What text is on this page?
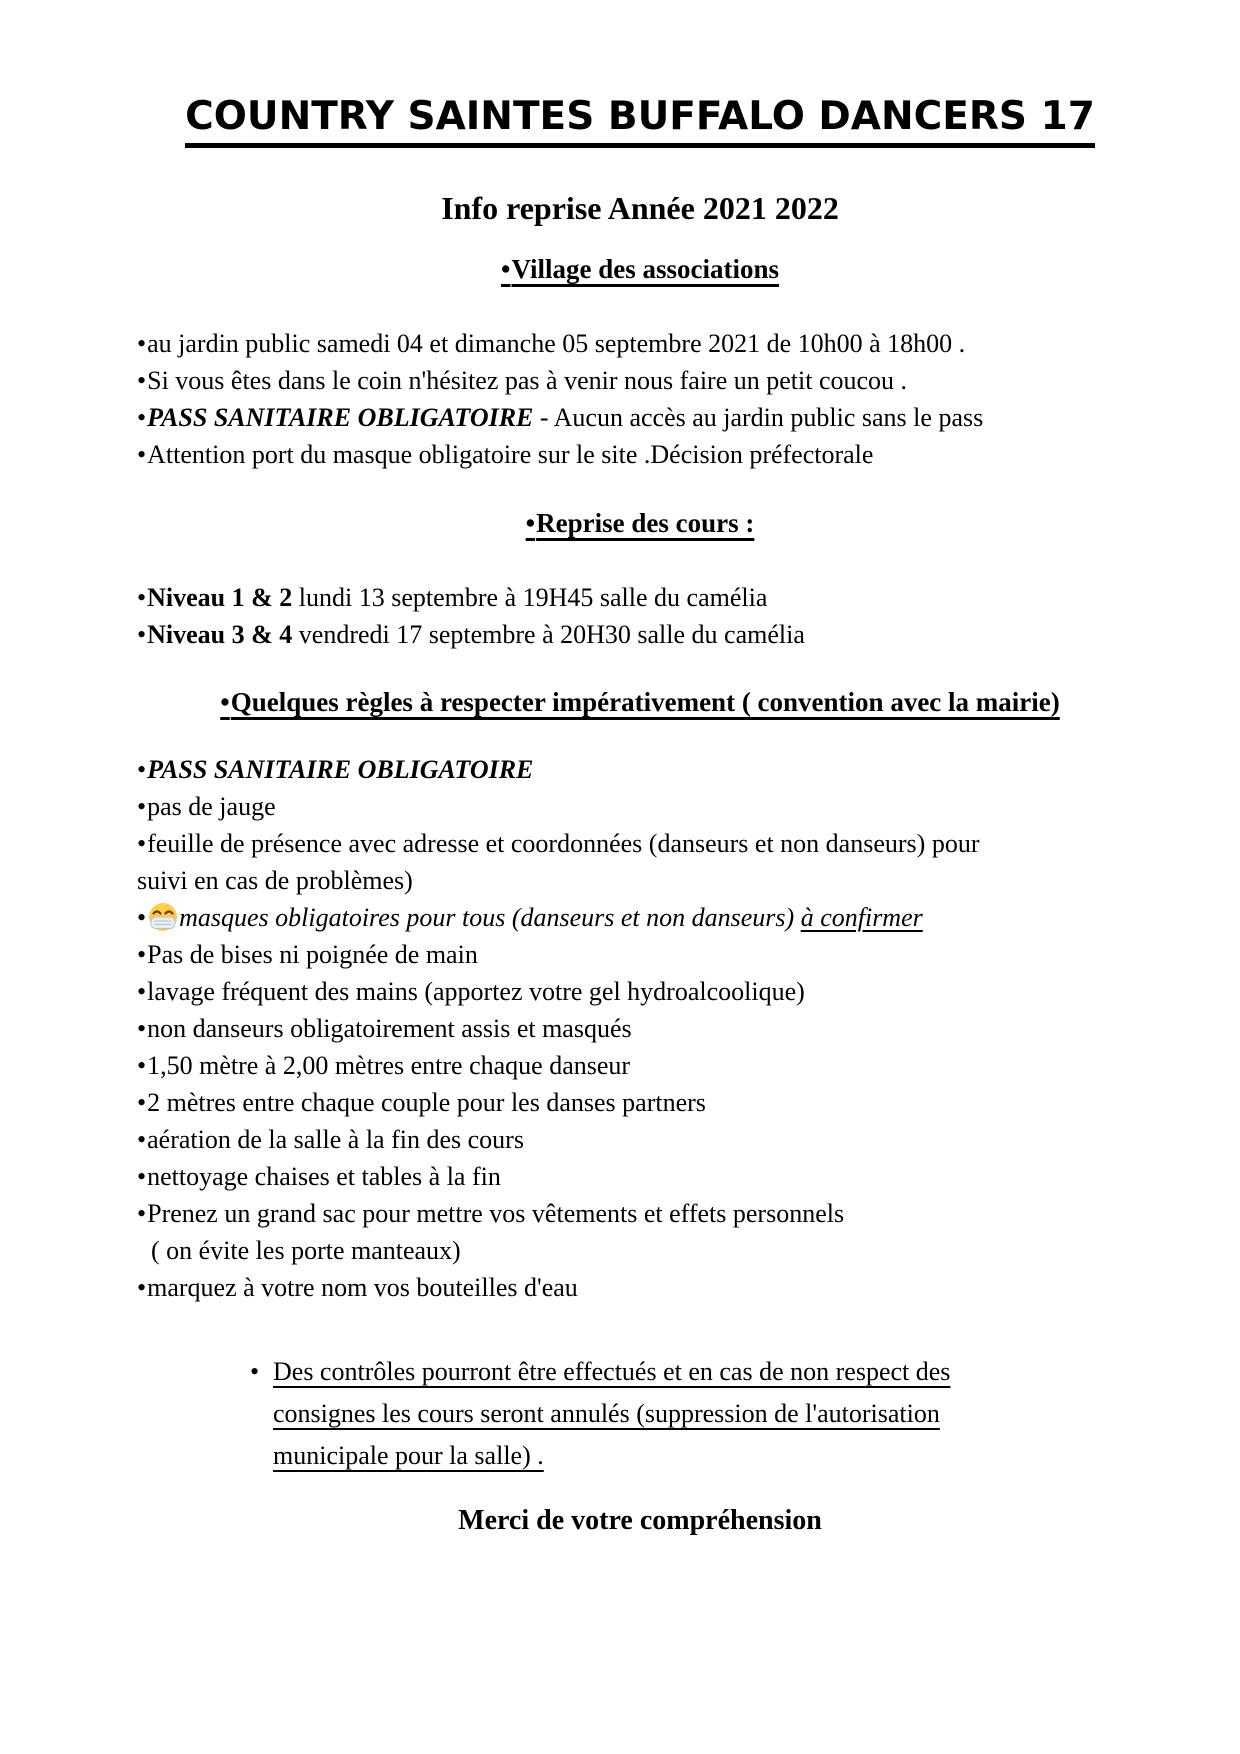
COUNTRY SAINTES BUFFALO DANCERS 17
Info reprise Année 2021 2022
•Village des associations

•au jardin public samedi 04 et dimanche 05 septembre 2021 de 10h00 à 18h00 .

•Si vous êtes dans le coin n'hésitez pas à venir nous faire un petit coucou .

•PASS SANITAIRE OBLIGATOIRE - Aucun accès au jardin public sans le pass

•Attention port du masque obligatoire sur le site .Décision préfectorale

•Reprise des cours :

•Niveau 1 & 2 lundi 13 septembre à 19H45 salle du camélia

•Niveau 3 & 4 vendredi 17 septembre à 20H30 salle du camélia

•Quelques règles à respecter impérativement ( convention avec la mairie)

•PASS SANITAIRE OBLIGATOIRE

•pas de jauge

•feuille de présence avec adresse et coordonnées (danseurs et non danseurs) pour

suivi en cas de problèmes)

• masques obligatoires pour tous (danseurs et non danseurs) à confirmer

•Pas de bises ni poignée de main

•lavage fréquent des mains (apportez votre gel hydroalcoolique)

•non danseurs obligatoirement assis et masqués

•1,50 mètre à 2,00 mètres entre chaque danseur

•2 mètres entre chaque couple pour les danses partners

•aération de la salle à la fin des cours

•nettoyage chaises et tables à la fin

•Prenez un grand sac pour mettre vos vêtements et effets personnels

( on évite les porte manteaux)

•marquez à votre nom vos bouteilles d'eau

• Des contrôles pourront être effectués et en cas de non respect des

consignes les cours seront annulés (suppression de l'autorisation

municipale pour la salle) .

Merci de votre compréhension
